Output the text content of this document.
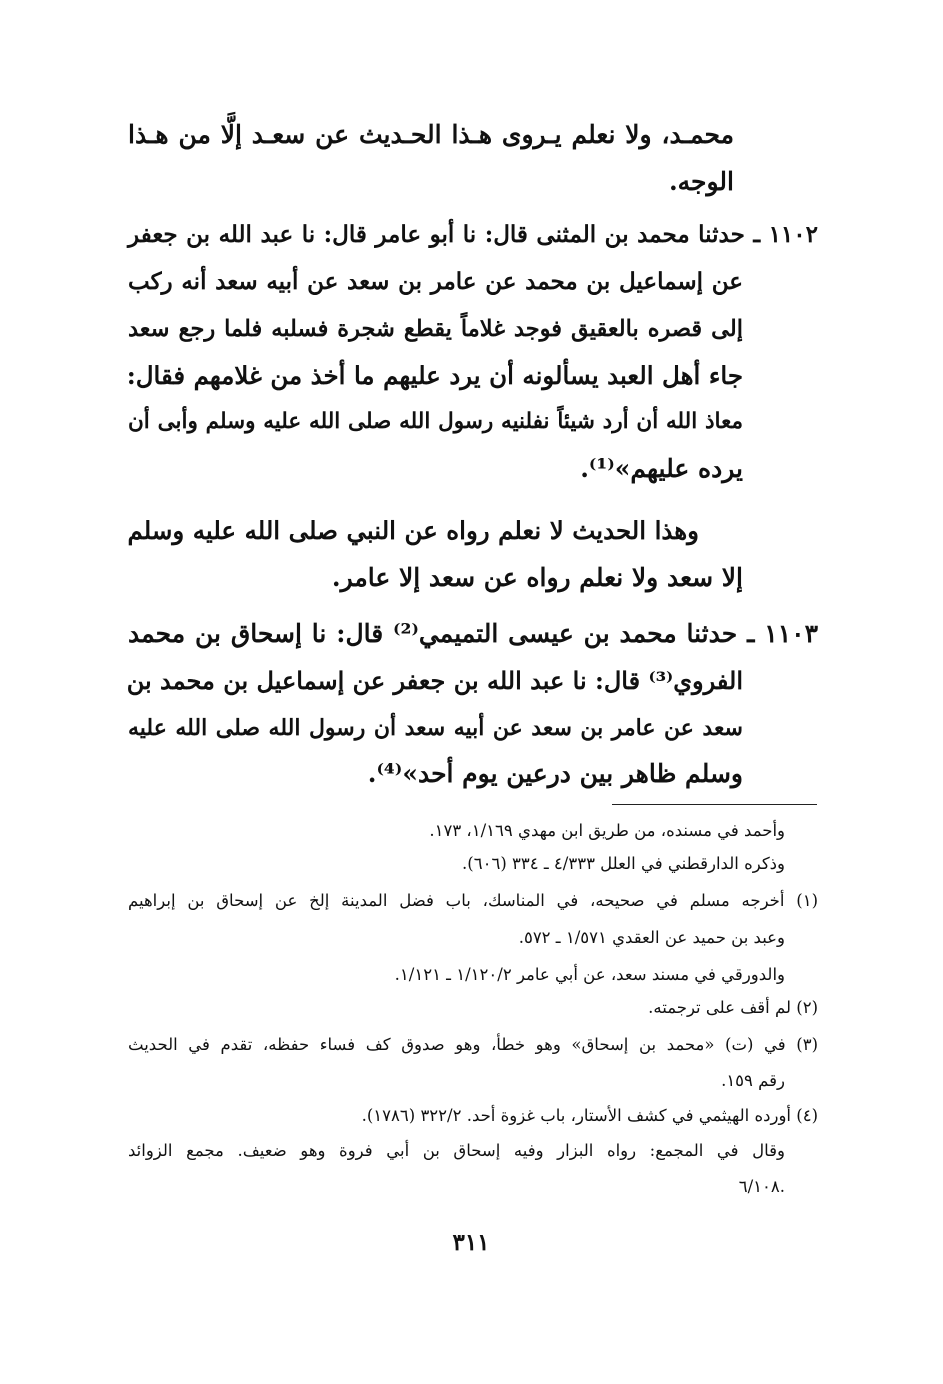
محمـد، ولا نعلم يـروى هـذا الحـديث عن سعـد إلَّا من هـذا

الوجه.

١١٠٢ ـ حدثنا محمد بن المثنى قال: نا أبو عامر قال: نا عبد الله بن جعفر

عن إسماعيل بن محمد عن عامر بن سعد عن أبيه سعد أنه ركب

إلى قصره بالعقيق فوجد غلاماً يقطع شجرة فسلبه فلما رجع سعد

جاء أهل العبد يسألونه أن يرد عليهم ما أخذ من غلامهم فقال:

معاذ الله أن أرد شيئاً نفلنيه رسول الله صلى الله عليه وسلم وأبى أن

يرده عليهم»⁽¹⁾.

وهذا الحديث لا نعلم رواه عن النبي صلى الله عليه وسلم

إلا سعد ولا نعلم رواه عن سعد إلا عامر.

١١٠٣ ـ حدثنا محمد بن عيسى التميمي⁽²⁾ قال: نا إسحاق بن محمد

الفروي⁽³⁾ قال: نا عبد الله بن جعفر عن إسماعيل بن محمد بن

سعد عن عامر بن سعد عن أبيه سعد أن رسول الله صلى الله عليه

وسلم ظاهر بين درعين يوم أحد»⁽⁴⁾.

وأحمد في مسنده، من طريق ابن مهدي ١/١٦٩، ١٧٣.

وذكره الدارقطني في العلل ٤/٣٣٣ ـ ٣٣٤ (٦٠٦).

(١) أخرجه مسلم في صحيحه، في المناسك، باب فضل المدينة إلخ عن إسحاق بن إبراهيم

وعبد بن حميد عن العقدي ١/٥٧١ ـ ٥٧٢.

والدورقي في مسند سعد، عن أبي عامر ١/١٢٠/٢ ـ ١/١٢١.

(٢) لم أقف على ترجمته.

(٣) في (ت) «محمد بن إسحاق» وهو خطأ، وهو صدوق كف فساء حفظه، تقدم في الحديث

رقم ١٥٩.

(٤) أورده الهيثمي في كشف الأستار، باب غزوة أحد. ٣٢٢/٢ (١٧٨٦).

وقال في المجمع: رواه البزار وفيه إسحاق بن أبي فروة وهو ضعيف. مجمع الزوائد

٦/١٠٨.

٣١١
